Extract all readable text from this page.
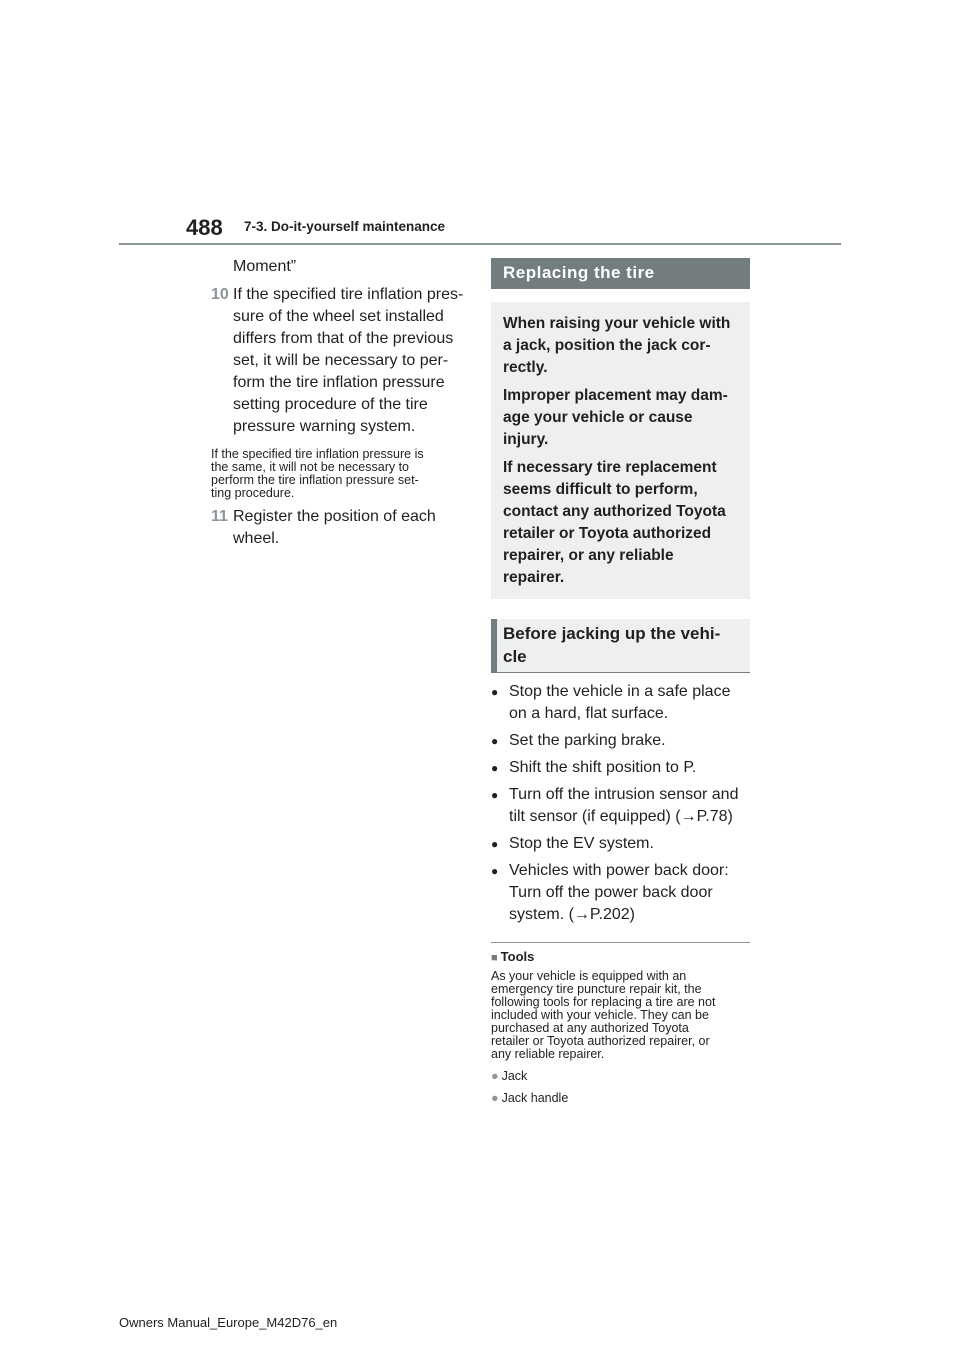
488 7-3. Do-it-yourself maintenance
Moment”
10 If the specified tire inflation pres-
sure of the wheel set installed
differs from that of the previous
set, it will be necessary to per-
form the tire inflation pressure
setting procedure of the tire
pressure warning system.
If the specified tire inflation pressure is
the same, it will not be necessary to
perform the tire inflation pressure set-
ting procedure.
11 Register the position of each
wheel.
Replacing the tire

When raising your vehicle with
a jack, position the jack cor-
rectly.

Improper placement may dam-
age your vehicle or cause
injury.

If necessary tire replacement
seems difficult to perform,
contact any authorized Toyota
retailer or Toyota authorized
repairer, or any reliable
repairer.

Before jacking up the vehi-
cle
● Stop the vehicle in a safe place
on a hard, flat surface.
● Set the parking brake.
● Shift the shift position to P.
● Turn off the intrusion sensor and
tilt sensor (if equipped) (→P.78)
● Stop the EV system.
● Vehicles with power back door:
Turn off the power back door
system. (→P.202)
■ Tools
As your vehicle is equipped with an
emergency tire puncture repair kit, the
following tools for replacing a tire are not
included with your vehicle. They can be
purchased at any authorized Toyota
retailer or Toyota authorized repairer, or
any reliable repairer.
● Jack
● Jack handle
Owners Manual_Europe_M42D76_en
